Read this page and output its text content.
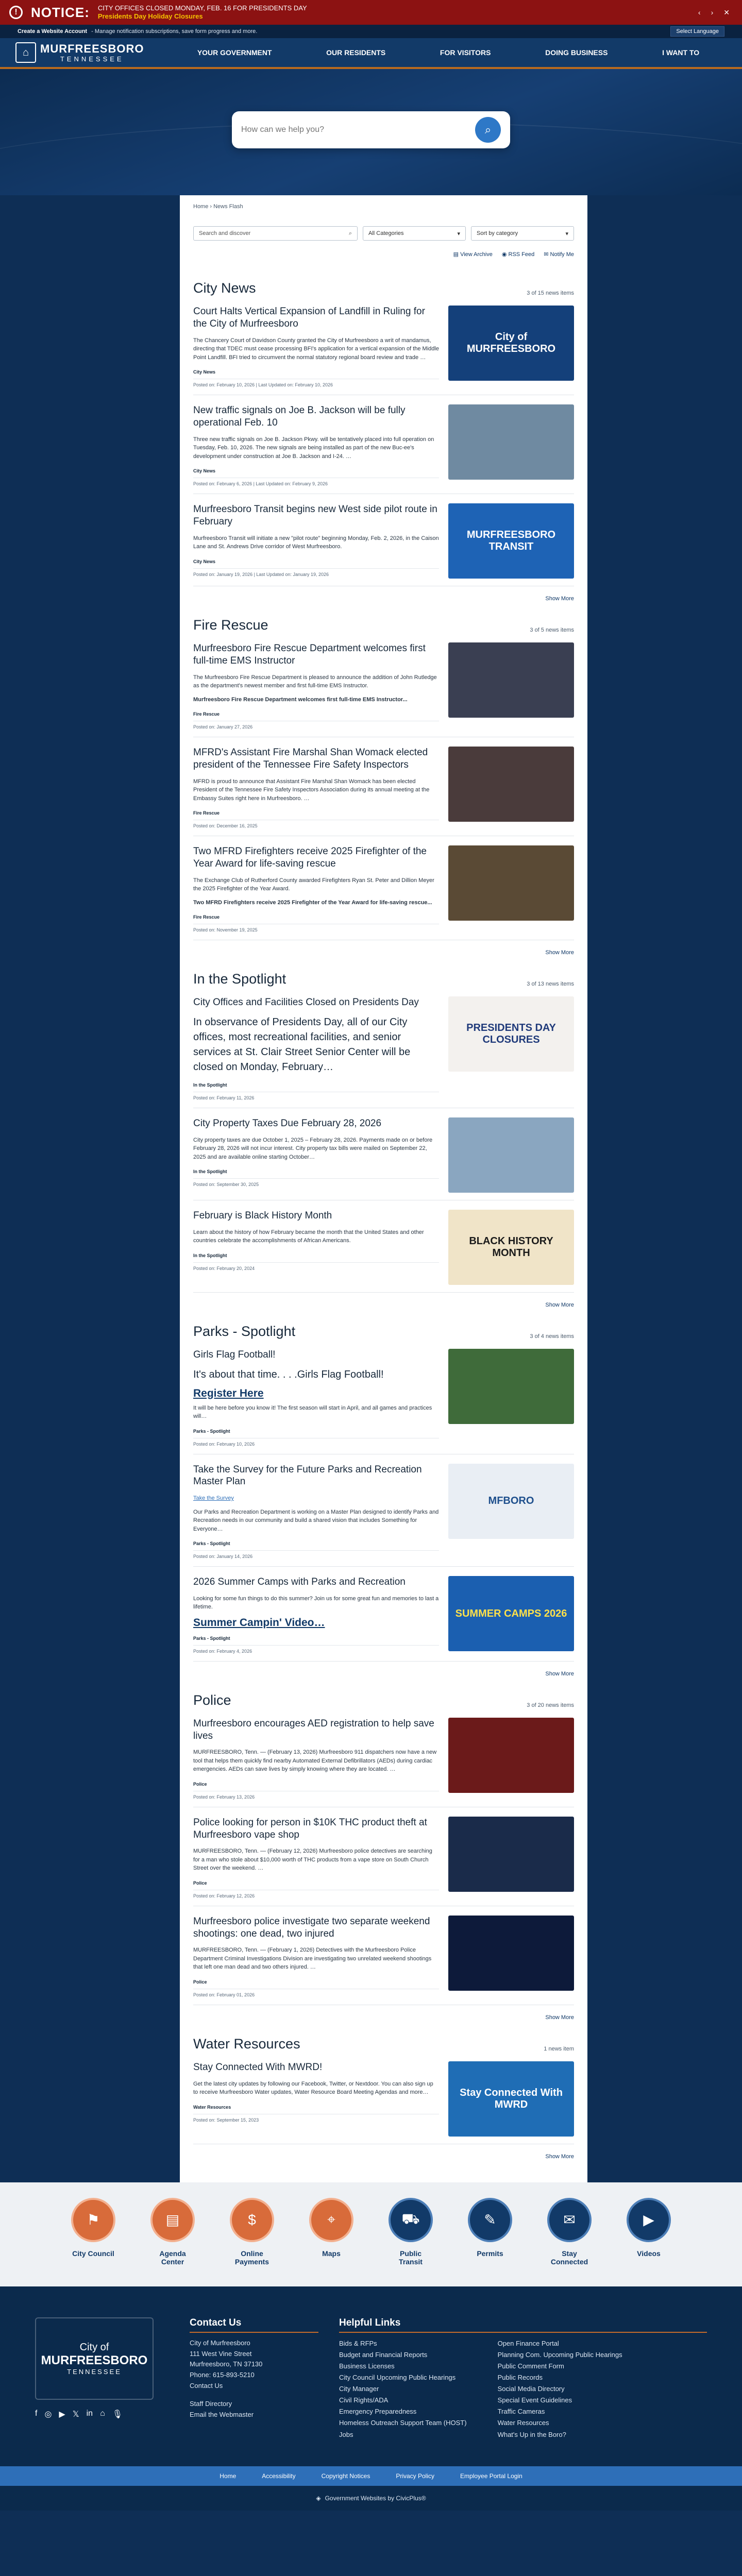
!	NOTICE: CITY OFFICES CLOSED MONDAY, FEB. 16 FOR PRESIDENTS DAY
Presidents Day Holiday Closures	‹	›	✕
Create a Website Account - Manage notification subscriptions, save form progress and more.	Select Language
⌂ MURFREESBORO
TENNESSEE
YOUR GOVERNMENT	OUR RESIDENTS	FOR VISITORS	DOING BUSINESS	I WANT TO
How can we help you?
⌕
Home › News Flash
Search and discover	⌕	All Categories	▾	Sort by category	▾
▤ View Archive ◉ RSS Feed ✉ Notify Me
City News	3 of 15 news items
Court Halts Vertical Expansion of Landfill in Ruling for the City of Murfreesboro
The Chancery Court of Davidson County granted the City of Murfreesboro a writ of mandamus, directing that TDEC must cease processing BFI's application for a vertical expansion of the Middle Point Landfill. BFI tried to circumvent the normal statutory regional board review and trade …
City News
Posted on: February 10, 2026 | Last Updated on: February 10, 2026
City of MURFREESBORO
New traffic signals on Joe B. Jackson will be fully operational Feb. 10
Three new traffic signals on Joe B. Jackson Pkwy. will be tentatively placed into full operation on Tuesday, Feb. 10, 2026. The new signals are being installed as part of the new Buc-ee's development under construction at Joe B. Jackson and I-24. …
City News
Posted on: February 6, 2026 | Last Updated on: February 9, 2026
Murfreesboro Transit begins new West side pilot route in February
Murfreesboro Transit will initiate a new "pilot route" beginning Monday, Feb. 2, 2026, in the Caison Lane and St. Andrews Drive corridor of West Murfreesboro.
City News
Posted on: January 19, 2026 | Last Updated on: January 19, 2026
MURFREESBORO TRANSIT
Show More
Fire Rescue	3 of 5 news items
Murfreesboro Fire Rescue Department welcomes first full-time EMS Instructor
The Murfreesboro Fire Rescue Department is pleased to announce the addition of John Rutledge as the department's newest member and first full-time EMS Instructor.
Murfreesboro Fire Rescue Department welcomes first full-time EMS Instructor...
Fire Rescue
Posted on: January 27, 2026
MFRD's Assistant Fire Marshal Shan Womack elected president of the Tennessee Fire Safety Inspectors
MFRD is proud to announce that Assistant Fire Marshal Shan Womack has been elected President of the Tennessee Fire Safety Inspectors Association during its annual meeting at the Embassy Suites right here in Murfreesboro. …
Fire Rescue
Posted on: December 16, 2025
Two MFRD Firefighters receive 2025 Firefighter of the Year Award for life-saving rescue
The Exchange Club of Rutherford County awarded Firefighters Ryan St. Peter and Dillion Meyer the 2025 Firefighter of the Year Award.
Two MFRD Firefighters receive 2025 Firefighter of the Year Award for life-saving rescue...
Fire Rescue
Posted on: November 19, 2025
Show More
In the Spotlight	3 of 13 news items
City Offices and Facilities Closed on Presidents Day
In observance of Presidents Day, all of our City offices, most recreational facilities, and senior services at St. Clair Street Senior Center will be closed on Monday, February…
In the Spotlight
Posted on: February 11, 2026
PRESIDENTS DAY CLOSURES
City Property Taxes Due February 28, 2026
City property taxes are due October 1, 2025 – February 28, 2026. Payments made on or before February 28, 2026 will not incur interest. City property tax bills were mailed on September 22, 2025 and are available online starting October…
In the Spotlight
Posted on: September 30, 2025
February is Black History Month
Learn about the history of how February became the month that the United States and other countries celebrate the accomplishments of African Americans.
In the Spotlight
Posted on: February 20, 2024
BLACK HISTORY MONTH
Show More
Parks - Spotlight	3 of 4 news items
Girls Flag Football!
It's about that time. . . .Girls Flag Football!
Register Here
It will be here before you know it! The first season will start in April, and all games and practices will…
Parks - Spotlight
Posted on: February 10, 2026
Take the Survey for the Future Parks and Recreation Master Plan
Take the Survey
Our Parks and Recreation Department is working on a Master Plan designed to identify Parks and Recreation needs in our community and build a shared vision that includes Something for Everyone…
Parks - Spotlight
Posted on: January 14, 2026
MFBORO
2026 Summer Camps with Parks and Recreation
Looking for some fun things to do this summer? Join us for some great fun and memories to last a lifetime.
Summer Campin' Video…
Parks - Spotlight
Posted on: February 4, 2026
SUMMER CAMPS 2026
Show More
Police	3 of 20 news items
Murfreesboro encourages AED registration to help save lives
MURFREESBORO, Tenn. — (February 13, 2026) Murfreesboro 911 dispatchers now have a new tool that helps them quickly find nearby Automated External Defibrillators (AEDs) during cardiac emergencies. AEDs can save lives by simply knowing where they are located. …
Police
Posted on: February 13, 2026
Police looking for person in $10K THC product theft at Murfreesboro vape shop
MURFREESBORO, Tenn. — (February 12, 2026) Murfreesboro police detectives are searching for a man who stole about $10,000 worth of THC products from a vape store on South Church Street over the weekend. …
Police
Posted on: February 12, 2026
Murfreesboro police investigate two separate weekend shootings: one dead, two injured
MURFREESBORO, Tenn. — (February 1, 2026) Detectives with the Murfreesboro Police Department Criminal Investigations Division are investigating two unrelated weekend shootings that left one man dead and two others injured. …
Police
Posted on: February 01, 2026
Show More
Water Resources	1 news item
Stay Connected With MWRD!
Get the latest city updates by following our Facebook, Twitter, or Nextdoor. You can also sign up to receive Murfreesboro Water updates, Water Resource Board Meeting Agendas and more…
Water Resources
Posted on: September 15, 2023
Stay Connected With MWRD
Show More
⚑
City Council
▤
Agenda Center
$
Online Payments
⌖
Maps
⛟
Public Transit
✎
Permits
✉
Stay Connected
▶
Videos
City of
MURFREESBORO
TENNESSEE
f ◎ ▶ 𝕏 in ⌂ 🎙
Contact Us

City of Murfreesboro

111 West Vine Street

Murfreesboro, TN 37130

Phone: 615-893-5210

Contact Us

Staff Directory

Email the Webmaster

Helpful Links
Bids & RFPs
Budget and Financial Reports
Business Licenses
City Council Upcoming Public Hearings
City Manager
Civil Rights/ADA
Emergency Preparedness
Homeless Outreach Support Team (HOST)
Jobs
Open Finance Portal
Planning Com. Upcoming Public Hearings
Public Comment Form
Public Records
Social Media Directory
Special Event Guidelines
Traffic Cameras
Water Resources
What's Up in the Boro?
Home	Accessibility	Copyright Notices	Privacy Policy	Employee Portal Login
◈ Government Websites by CivicPlus®
